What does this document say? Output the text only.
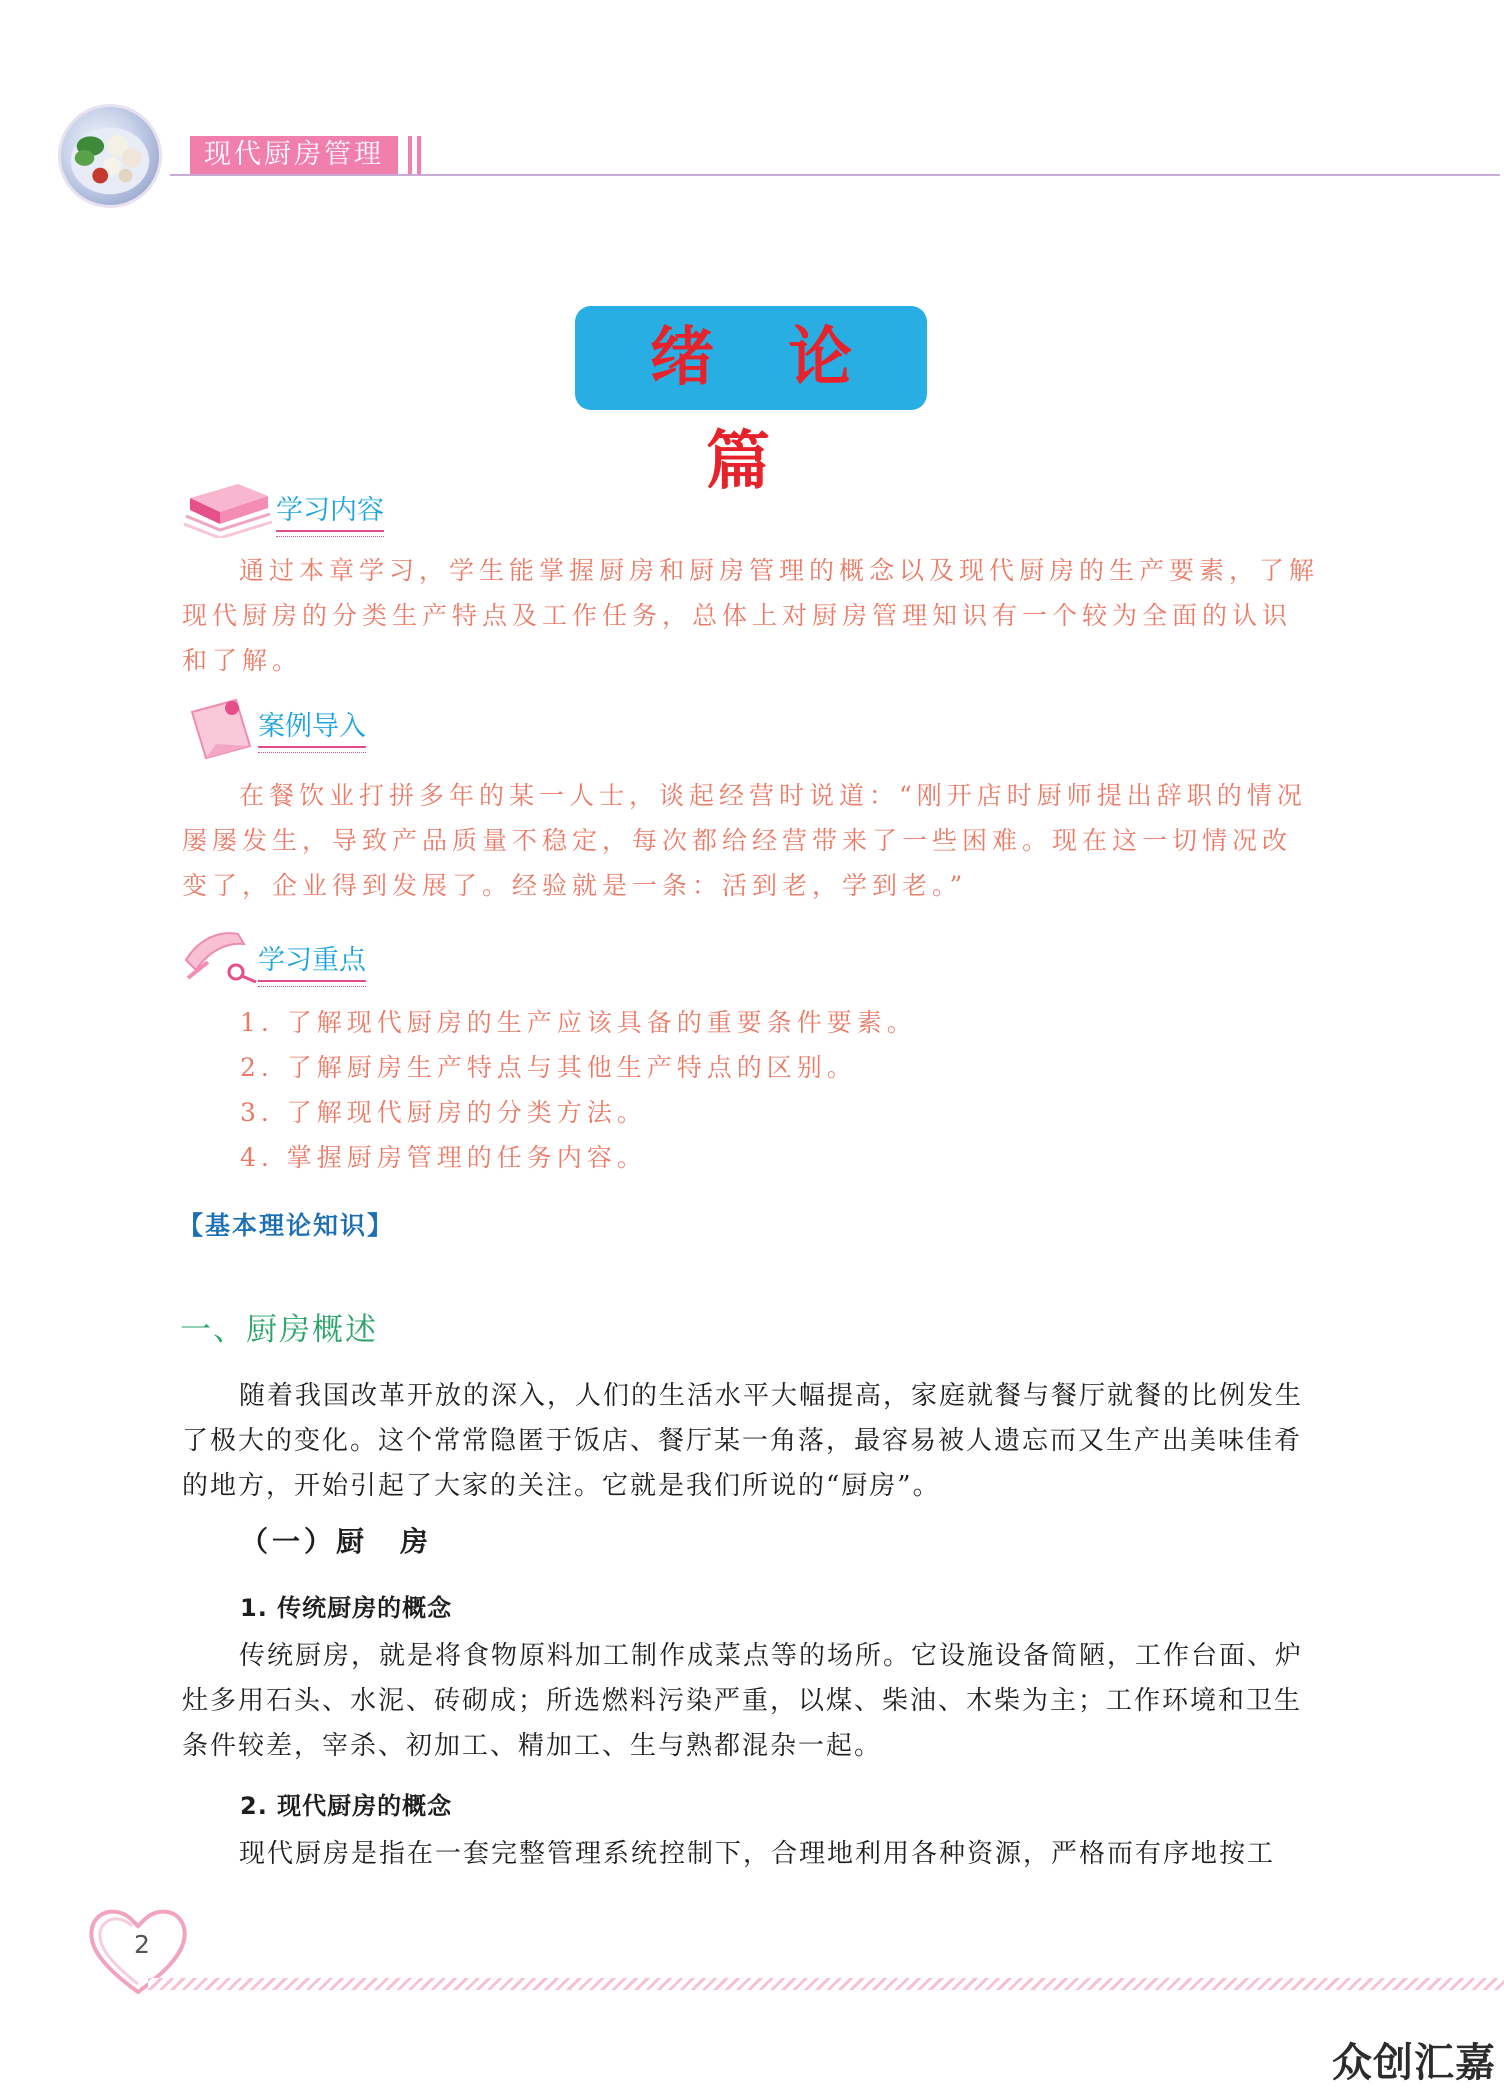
现代厨房管理
绪 论 篇
学习内容

通过本章学习，学生能掌握厨房和厨房管理的概念以及现代厨房的生产要素，了解现代厨房的分类生产特点及工作任务，总体上对厨房管理知识有一个较为全面的认识和了解。

案例导入

在餐饮业打拼多年的某一人士，谈起经营时说道：“刚开店时厨师提出辞职的情况屡屡发生，导致产品质量不稳定，每次都给经营带来了一些困难。现在这一切情况改变了，企业得到发展了。经验就是一条：活到老，学到老。”

学习重点
1. 了解现代厨房的生产应该具备的重要条件要素。
2. 了解厨房生产特点与其他生产特点的区别。
3. 了解现代厨房的分类方法。
4. 掌握厨房管理的任务内容。
【基本理论知识】
一、厨房概述

随着我国改革开放的深入，人们的生活水平大幅提高，家庭就餐与餐厅就餐的比例发生了极大的变化。这个常常隐匿于饭店、餐厅某一角落，最容易被人遗忘而又生产出美味佳肴的地方，开始引起了大家的关注。它就是我们所说的“厨房”。

（一）厨　房
1. 传统厨房的概念

传统厨房，就是将食物原料加工制作成菜点等的场所。它设施设备简陋，工作台面、炉灶多用石头、水泥、砖砌成；所选燃料污染严重，以煤、柴油、木柴为主；工作环境和卫生条件较差，宰杀、初加工、精加工、生与熟都混杂一起。

2. 现代厨房的概念

现代厨房是指在一套完整管理系统控制下，合理地利用各种资源，严格而有序地按工

2
众创汇嘉
